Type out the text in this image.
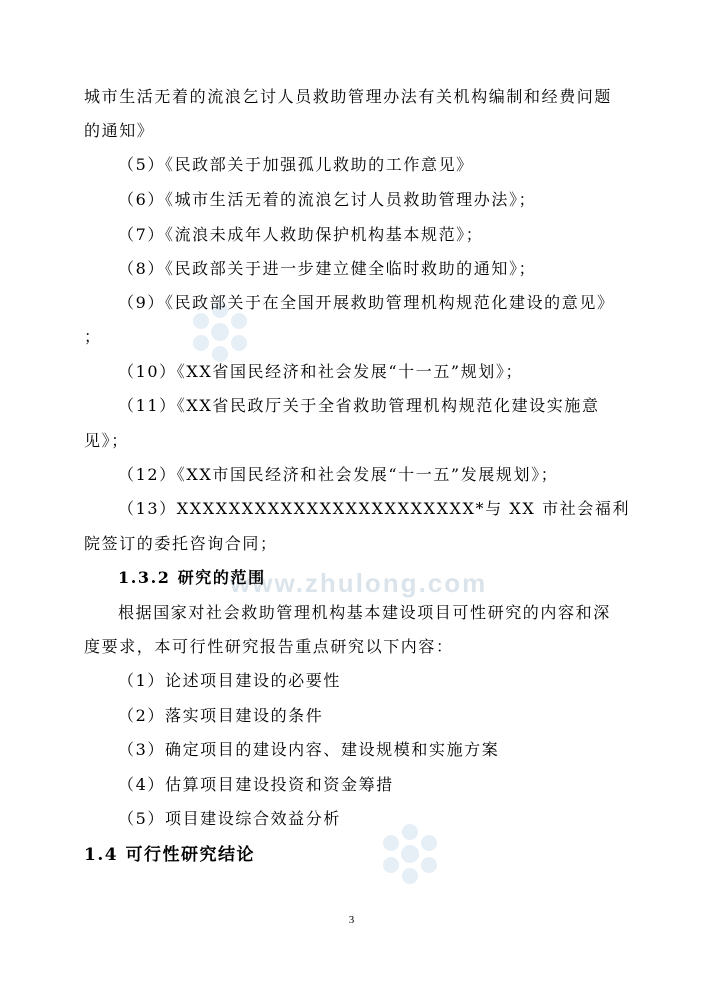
www.zhulong.com
城市生活无着的流浪乞讨人员救助管理办法有关机构编制和经费问题
的通知》
（5）《民政部关于加强孤儿救助的工作意见》
（6）《城市生活无着的流浪乞讨人员救助管理办法》；
（7）《流浪未成年人救助保护机构基本规范》；
（8）《民政部关于进一步建立健全临时救助的通知》；
（9）《民政部关于在全国开展救助管理机构规范化建设的意见》
；
（10）《XX省国民经济和社会发展“十一五”规划》；
（11）《XX省民政厅关于全省救助管理机构规范化建设实施意
见》；
（12）《XX市国民经济和社会发展“十一五”发展规划》；
（13）XXXXXXXXXXXXXXXXXXXXXXX*与 XX 市社会福利
院签订的委托咨询合同；
1.3.2 研究的范围
根据国家对社会救助管理机构基本建设项目可性研究的内容和深
度要求，本可行性研究报告重点研究以下内容：
（1）论述项目建设的必要性
（2）落实项目建设的条件
（3）确定项目的建设内容、建设规模和实施方案
（4）估算项目建设投资和资金筹措
（5）项目建设综合效益分析
1.4 可行性研究结论
3
